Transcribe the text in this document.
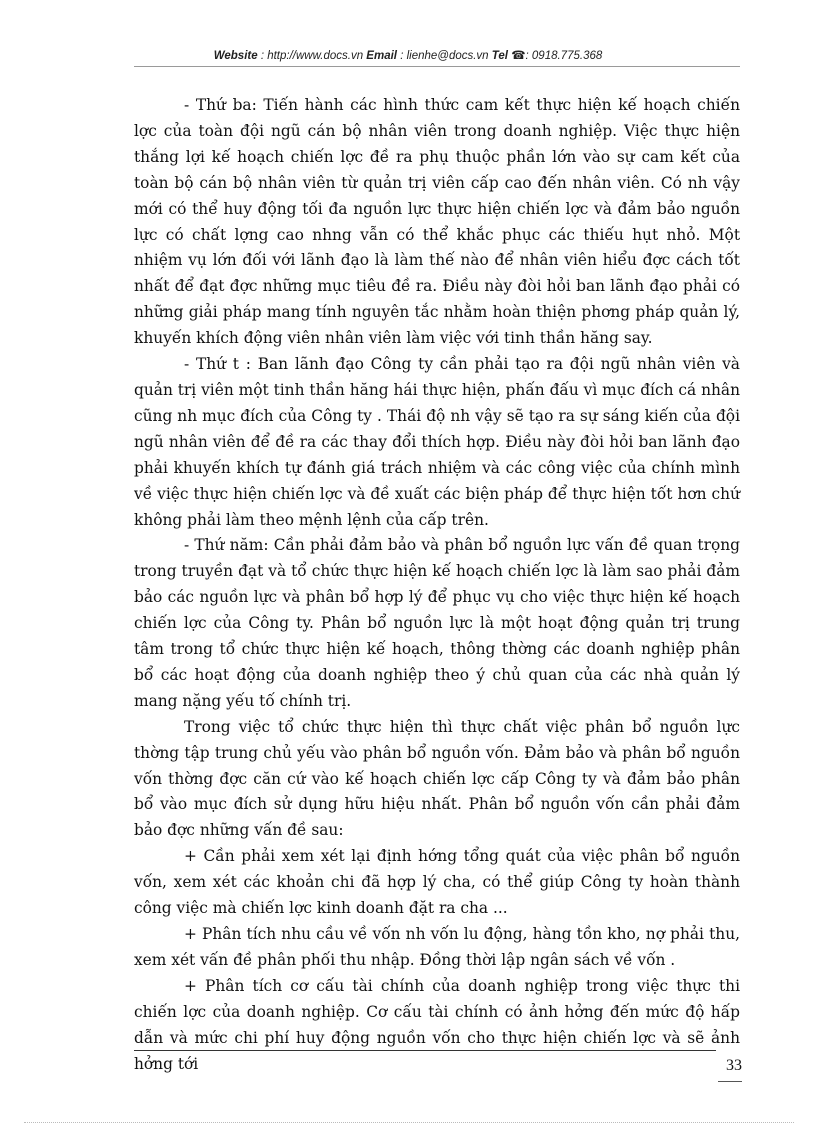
Website : http://www.docs.vn Email : lienhe@docs.vn Tel ☎: 0918.775.368

- Thứ ba: Tiến hành các hình thức cam kết thực hiện kế hoạch chiến lợc của toàn đội ngũ cán bộ nhân viên trong doanh nghiệp. Việc thực hiện thắng lợi kế hoạch chiến lợc đề ra phụ thuộc phần lớn vào sự cam kết của toàn bộ cán bộ nhân viên từ quản trị viên cấp cao đến nhân viên. Có nh vậy mới có thể huy động tối đa nguồn lực thực hiện chiến lợc và đảm bảo nguồn lực có chất lợng cao nhng vẫn có thể khắc phục các thiếu hụt nhỏ. Một nhiệm vụ lớn đối với lãnh đạo là làm thế nào để nhân viên hiểu đợc cách tốt nhất để đạt đợc những mục tiêu đề ra. Điều này đòi hỏi ban lãnh đạo phải có những giải pháp mang tính nguyên tắc nhằm hoàn thiện phơng pháp quản lý, khuyến khích động viên nhân viên làm việc với tinh thần hăng say.

- Thứ t : Ban lãnh đạo Công ty cần phải tạo ra đội ngũ nhân viên và quản trị viên một tinh thần hăng hái thực hiện, phấn đấu vì mục đích cá nhân cũng nh mục đích của Công ty . Thái độ nh vậy sẽ tạo ra sự sáng kiến của đội ngũ nhân viên để đề ra các thay đổi thích hợp. Điều này đòi hỏi ban lãnh đạo phải khuyến khích tự đánh giá trách nhiệm và các công việc của chính mình về việc thực hiện chiến lợc và đề xuất các biện pháp để thực hiện tốt hơn chứ không phải làm theo mệnh lệnh của cấp trên.

- Thứ năm: Cần phải đảm bảo và phân bổ nguồn lực vấn đề quan trọng trong truyền đạt và tổ chức thực hiện kế hoạch chiến lợc là làm sao phải đảm bảo các nguồn lực và phân bổ hợp lý để phục vụ cho việc thực hiện kế hoạch chiến lợc của Công ty. Phân bổ nguồn lực là một hoạt động quản trị trung tâm trong tổ chức thực hiện kế hoạch, thông thờng các doanh nghiệp phân bổ các hoạt động của doanh nghiệp theo ý chủ quan của các nhà quản lý mang nặng yếu tố chính trị.

Trong việc tổ chức thực hiện thì thực chất việc phân bổ nguồn lực thờng tập trung chủ yếu vào phân bổ nguồn vốn. Đảm bảo và phân bổ nguồn vốn thờng đợc căn cứ vào kế hoạch chiến lợc cấp Công ty và đảm bảo phân bổ vào mục đích sử dụng hữu hiệu nhất. Phân bổ nguồn vốn cần phải đảm bảo đợc những vấn đề sau:

+ Cần phải xem xét lại định hớng tổng quát của việc phân bổ nguồn vốn, xem xét các khoản chi đã hợp lý cha, có thể giúp Công ty hoàn thành công việc mà chiến lợc kinh doanh đặt ra cha ...

+ Phân tích nhu cầu về vốn nh vốn lu động, hàng tồn kho, nợ phải thu, xem xét vấn đề phân phối thu nhập. Đồng thời lập ngân sách về vốn .

+ Phân tích cơ cấu tài chính của doanh nghiệp trong việc thực thi chiến lợc của doanh nghiệp. Cơ cấu tài chính có ảnh hởng đến mức độ hấp dẫn và mức chi phí huy động nguồn vốn cho thực hiện chiến lợc và sẽ ảnh hởng tới	33
